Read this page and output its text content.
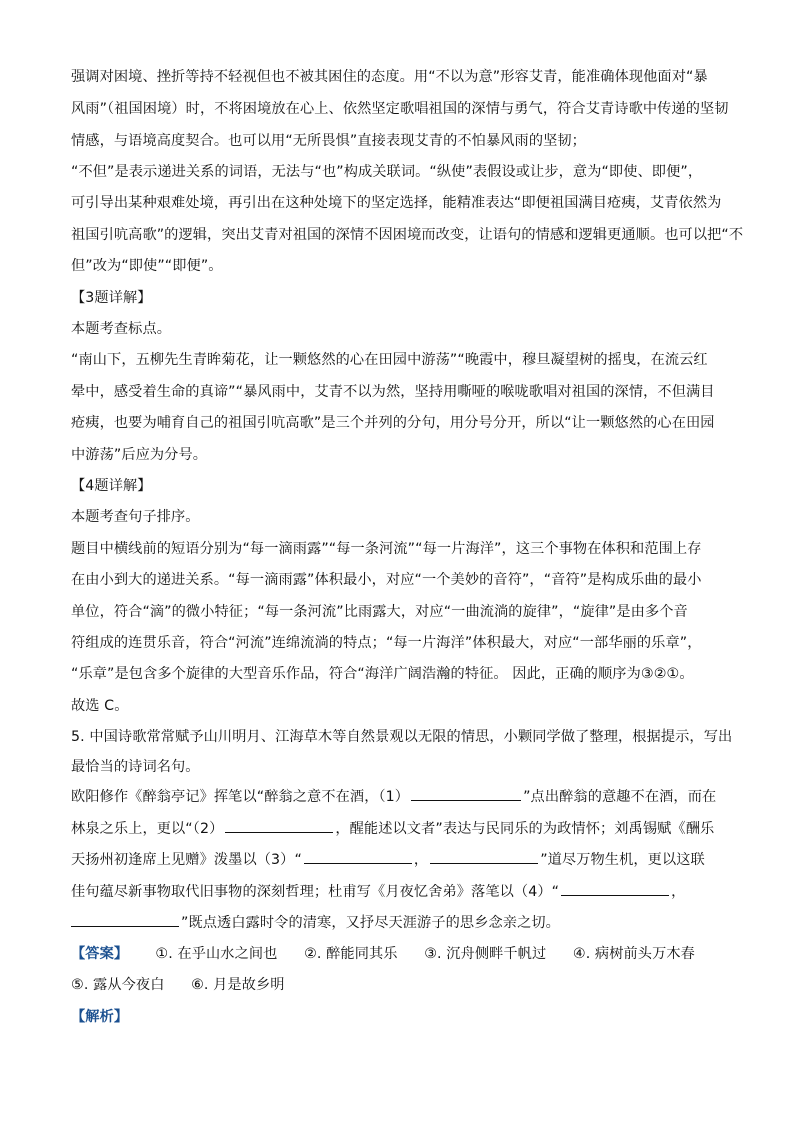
强调对困境、挫折等持不轻视但也不被其困住的态度。用“不以为意”形容艾青，能准确体现他面对“暴
风雨”（祖国困境）时，不将困境放在心上、依然坚定歌唱祖国的深情与勇气，符合艾青诗歌中传递的坚韧
情感，与语境高度契合。也可以用“无所畏惧”直接表现艾青的不怕暴风雨的坚韧；
“不但”是表示递进关系的词语，无法与“也”构成关联词。“纵使”表假设或让步，意为“即使、即便”，
可引导出某种艰难处境，再引出在这种处境下的坚定选择，能精准表达“即便祖国满目疮痍，艾青依然为
祖国引吭高歌”的逻辑，突出艾青对祖国的深情不因困境而改变，让语句的情感和逻辑更通顺。也可以把“不
但”改为“即使”“即便”。
【3题详解】
本题考查标点。
“南山下，五柳先生青眸菊花，让一颗悠然的心在田园中游荡”“晚霞中，穆旦凝望树的摇曳，在流云红
晕中，感受着生命的真谛”“暴风雨中，艾青不以为然，坚持用嘶哑的喉咙歌唱对祖国的深情，不但满目
疮痍，也要为哺育自己的祖国引吭高歌”是三个并列的分句，用分号分开，所以“让一颗悠然的心在田园
中游荡”后应为分号。
【4题详解】
本题考查句子排序。
题目中横线前的短语分别为“每一滴雨露”“每一条河流”“每一片海洋”，这三个事物在体积和范围上存
在由小到大的递进关系。“每一滴雨露”体积最小，对应“一个美妙的音符”，“音符”是构成乐曲的最小
单位，符合“滴”的微小特征；“每一条河流”比雨露大，对应“一曲流淌的旋律”，“旋律”是由多个音
符组成的连贯乐音，符合“河流”连绵流淌的特点；“每一片海洋”体积最大，对应“一部华丽的乐章”，
“乐章”是包含多个旋律的大型音乐作品，符合“海洋广阔浩瀚的特征。 因此，正确的顺序为③②①。
故选 C。
5. 中国诗歌常常赋予山川明月、江海草木等自然景观以无限的情思，小颗同学做了整理，根据提示，写出
最恰当的诗词名句。
欧阳修作《醉翁亭记》挥笔以“醉翁之意不在酒，（1）	”点出醉翁的意趣不在酒，而在
林泉之乐上，更以“（2）	，醒能述以文者”表达与民同乐的为政情怀；刘禹锡赋《酬乐
天扬州初逢席上见赠》泼墨以（3）“	，	”道尽万物生机，更以这联
佳句蕴尽新事物取代旧事物的深刻哲理；杜甫写《月夜忆舍弟》落笔以（4）“	，
”既点透白露时令的清寒，又抒尽天涯游子的思乡念亲之切。
【答案】 ①. 在乎山水之间也 ②. 醉能同其乐 ③. 沉舟侧畔千帆过 ④. 病树前头万木春
⑤. 露从今夜白 ⑥. 月是故乡明
【解析】
